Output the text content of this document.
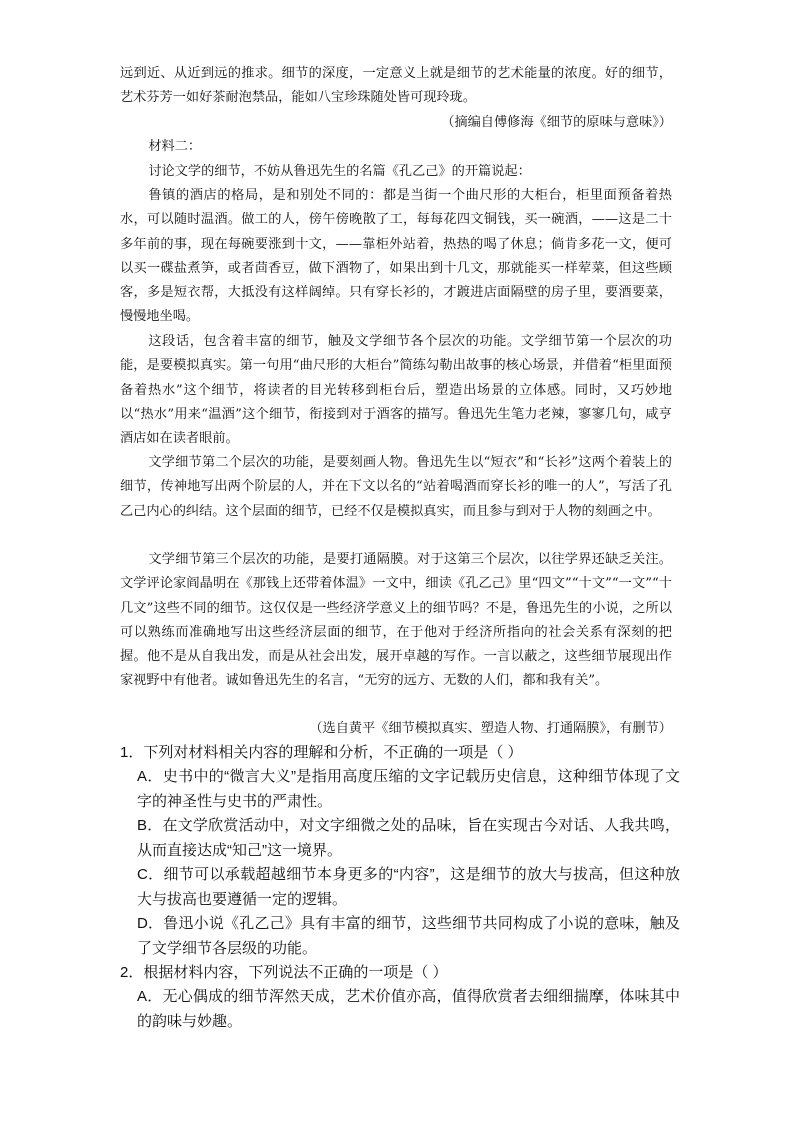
远到近、从近到远的推求。细节的深度，一定意义上就是细节的艺术能量的浓度。好的细节，艺术芬芳一如好茶耐泡禁品，能如八宝珍珠随处皆可现玲珑。

（摘编自傅修海《细节的原味与意味》）

材料二：

讨论文学的细节，不妨从鲁迅先生的名篇《孔乙己》的开篇说起：

鲁镇的酒店的格局，是和别处不同的：都是当街一个曲尺形的大柜台，柜里面预备着热水，可以随时温酒。做工的人，傍午傍晚散了工，每每花四文铜钱，买一碗酒，——这是二十多年前的事，现在每碗要涨到十文，——靠柜外站着，热热的喝了休息；倘肯多花一文，便可以买一碟盐煮笋，或者茴香豆，做下酒物了，如果出到十几文，那就能买一样荤菜，但这些顾客，多是短衣帮，大抵没有这样阔绰。只有穿长衫的，才踱进店面隔壁的房子里，要酒要菜，慢慢地坐喝。

这段话，包含着丰富的细节，触及文学细节各个层次的功能。文学细节第一个层次的功能，是要模拟真实。第一句用“曲尺形的大柜台”简练勾勒出故事的核心场景，并借着“柜里面预备着热水”这个细节，将读者的目光转移到柜台后，塑造出场景的立体感。同时，又巧妙地以“热水”用来“温酒”这个细节，衔接到对于酒客的描写。鲁迅先生笔力老辣，寥寥几句，咸亨酒店如在读者眼前。

文学细节第二个层次的功能，是要刻画人物。鲁迅先生以“短衣”和“长衫”这两个着装上的细节，传神地写出两个阶层的人，并在下文以名的“站着喝酒而穿长衫的唯一的人”，写活了孔乙己内心的纠结。这个层面的细节，已经不仅是模拟真实，而且参与到对于人物的刻画之中。

文学细节第三个层次的功能，是要打通隔膜。对于这第三个层次，以往学界还缺乏关注。文学评论家阎晶明在《那钱上还带着体温》一文中，细读《孔乙己》里“四文”“十文”“一文”“十几文”这些不同的细节。这仅仅是一些经济学意义上的细节吗？不是，鲁迅先生的小说，之所以可以熟练而准确地写出这些经济层面的细节，在于他对于经济所指向的社会关系有深刻的把握。他不是从自我出发，而是从社会出发，展开卓越的写作。一言以蔽之，这些细节展现出作家视野中有他者。诚如鲁迅先生的名言，“无穷的远方、无数的人们，都和我有关”。

（选自黄平《细节模拟真实、塑造人物、打通隔膜》，有删节）

1．下列对材料相关内容的理解和分析，不正确的一项是（ ）

A．史书中的“微言大义”是指用高度压缩的文字记载历史信息，这种细节体现了文字的神圣性与史书的严肃性。

B．在文学欣赏活动中，对文字细微之处的品味，旨在实现古今对话、人我共鸣，从而直接达成“知己”这一境界。

C．细节可以承载超越细节本身更多的“内容”，这是细节的放大与拔高，但这种放大与拔高也要遵循一定的逻辑。

D．鲁迅小说《孔乙己》具有丰富的细节，这些细节共同构成了小说的意味，触及了文学细节各层级的功能。

2．根据材料内容，下列说法不正确的一项是（ ）

A．无心偶成的细节浑然天成，艺术价值亦高，值得欣赏者去细细揣摩，体味其中的韵味与妙趣。
